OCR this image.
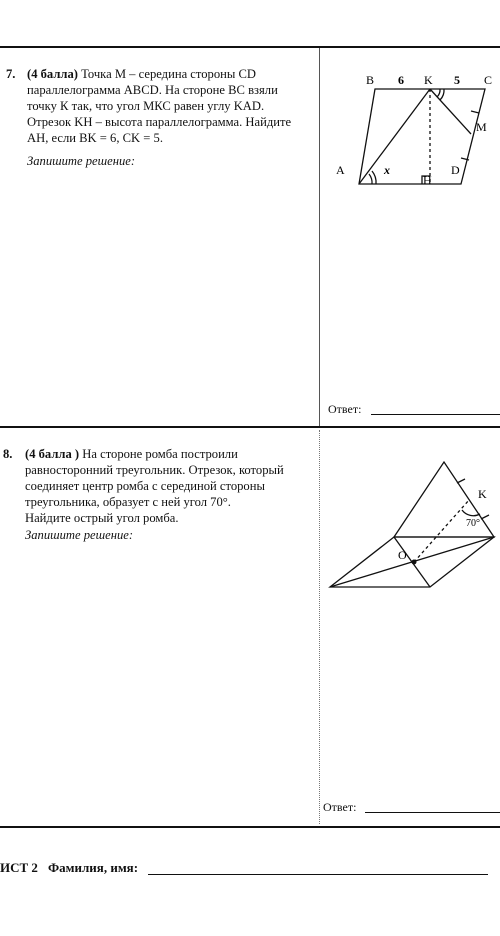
7. (4 балла) Точка М – середина стороны CD
параллелограмма ABCD. На стороне BC взяли
точку К так, что угол МКС равен углу KAD.
Отрезок KH – высота параллелограмма. Найдите
AH, если BK = 6, CK = 5.
Запишите решение:
B 6 K 5 C
M
A	x
H
D
Ответ:
8. (4 балла ) На стороне ромба построили
равносторонний треугольник. Отрезок, который
соединяет центр ромба с серединой стороны
треугольника, образует с ней угол 70°.
Найдите острый угол ромба.
Запишите решение:
K
O
70°
Ответ:
ИСТ 2 Фамилия, имя:
